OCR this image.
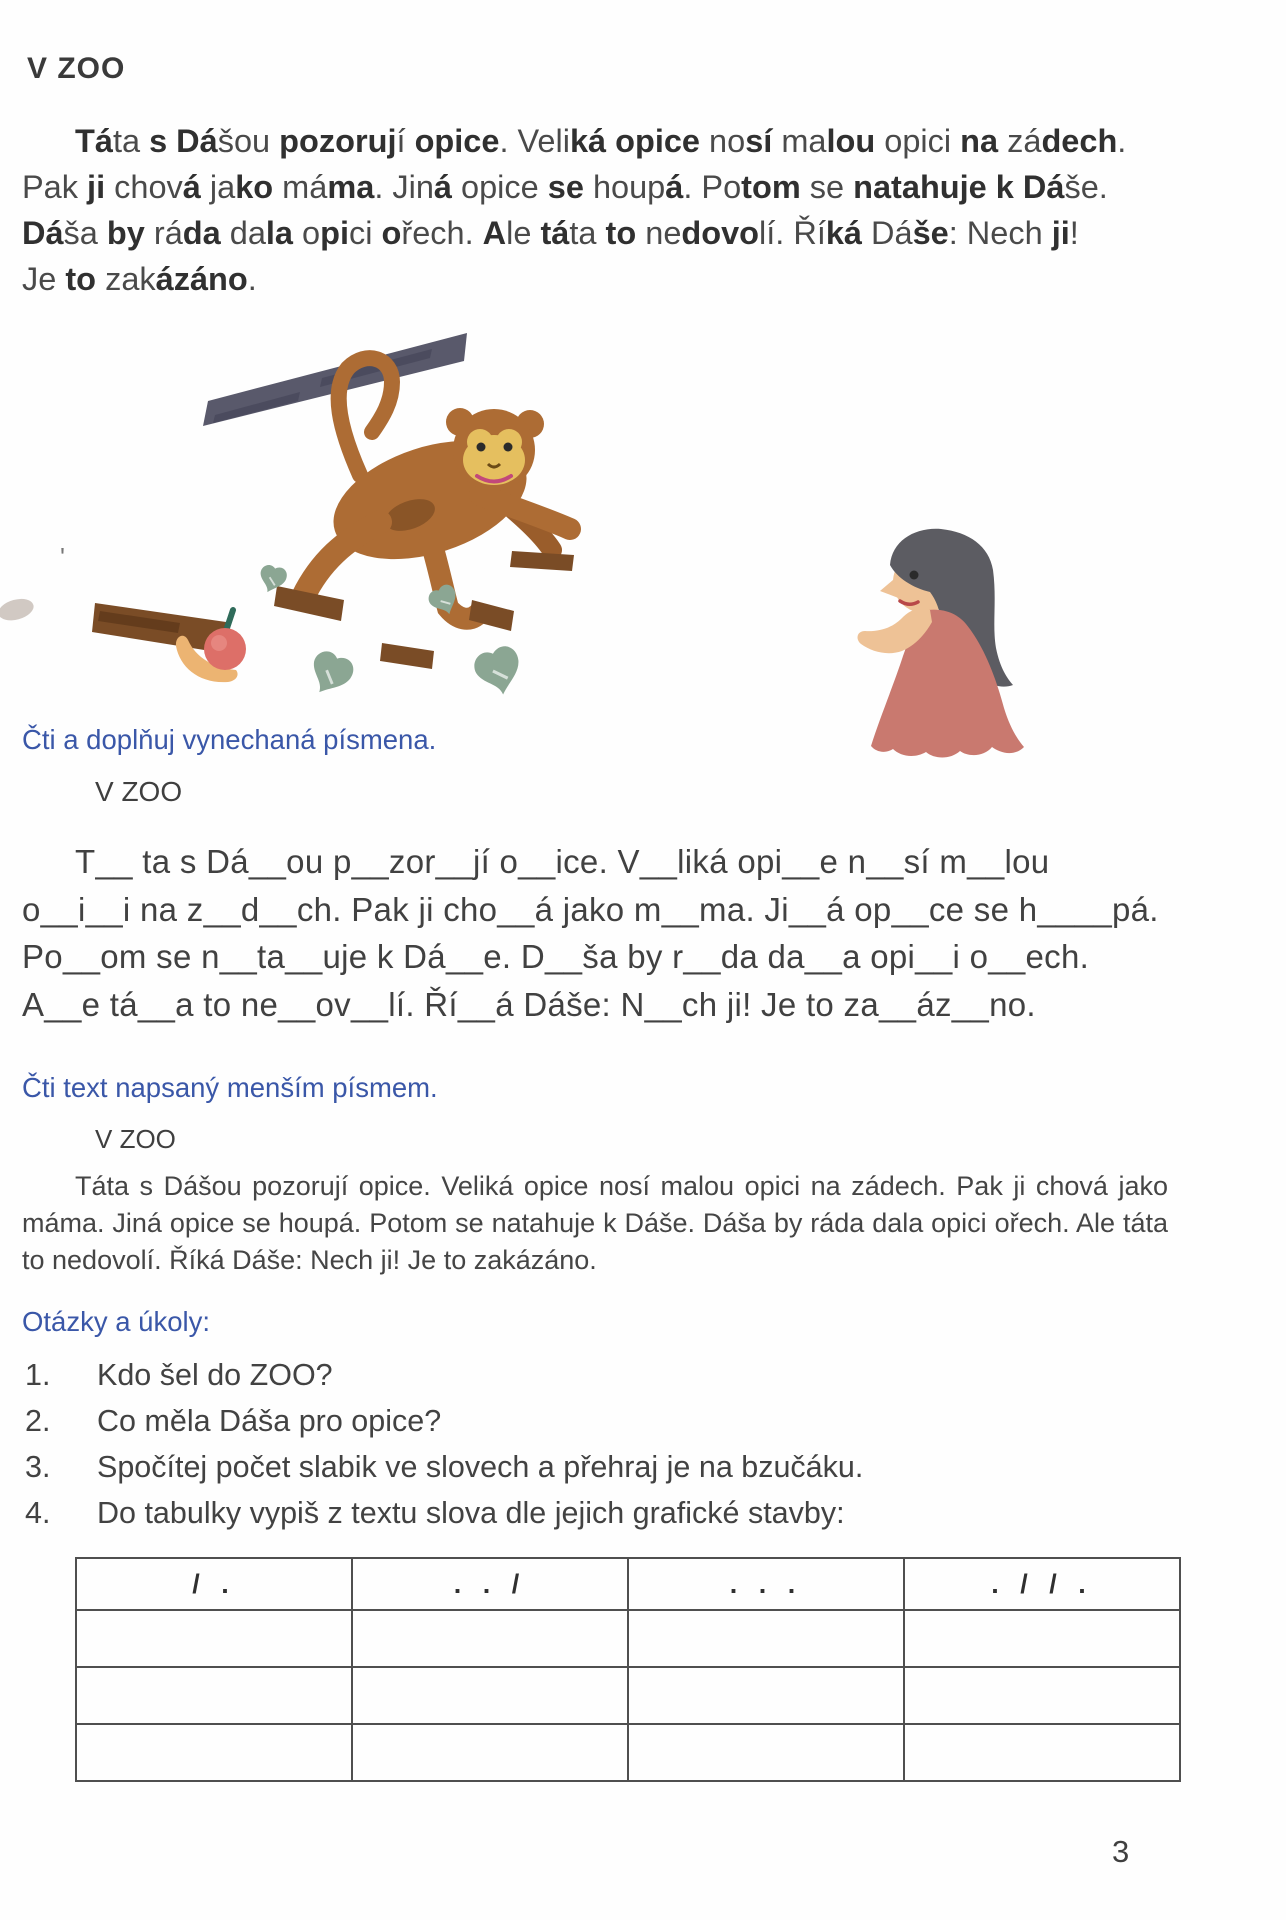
V ZOO
Táta s Dášou pozorují opice. Veliká opice nosí malou opici na zádech.
Pak ji chová jako máma. Jiná opice se houpá. Potom se natahuje k Dáše.
Dáša by ráda dala opici ořech. Ale táta to nedovolí. Říká Dáše: Nech ji!
Je to zakázáno.
'
Čti a doplňuj vynechaná písmena.
V ZOO
T__ ta s Dá__ou p__zor__jí o__ice. V__liká opi__e n__sí m__lou
o__i__i na z__d__ch. Pak ji cho__á jako m__ma. Ji__á op__ce se h____pá.
Po__om se n__ta__uje k Dá__e. D__ša by r__da da__a opi__i o__ech.
A__e tá__a to ne__ov__lí. Ří__á Dáše: N__ch ji! Je to za__áz__no.
Čti text napsaný menším písmem.
V ZOO

Táta s Dášou pozorují opice. Veliká opice nosí malou opici na zádech. Pak ji chová jako máma. Jiná opice se houpá. Potom se natahuje k Dáše. Dáša by ráda dala opici ořech. Ale táta to nedovolí. Říká Dáše: Nech ji! Je to zakázáno.

Otázky a úkoly:
1.	Kdo šel do ZOO?
2.	Co měla Dáša pro opice?
3.	Spočítej počet slabik ve slovech a přehraj je na bzučáku.
4.	Do tabulky vypiš z textu slova dle jejich grafické stavby:
/ .	. . /	. . .	. / / .

3
